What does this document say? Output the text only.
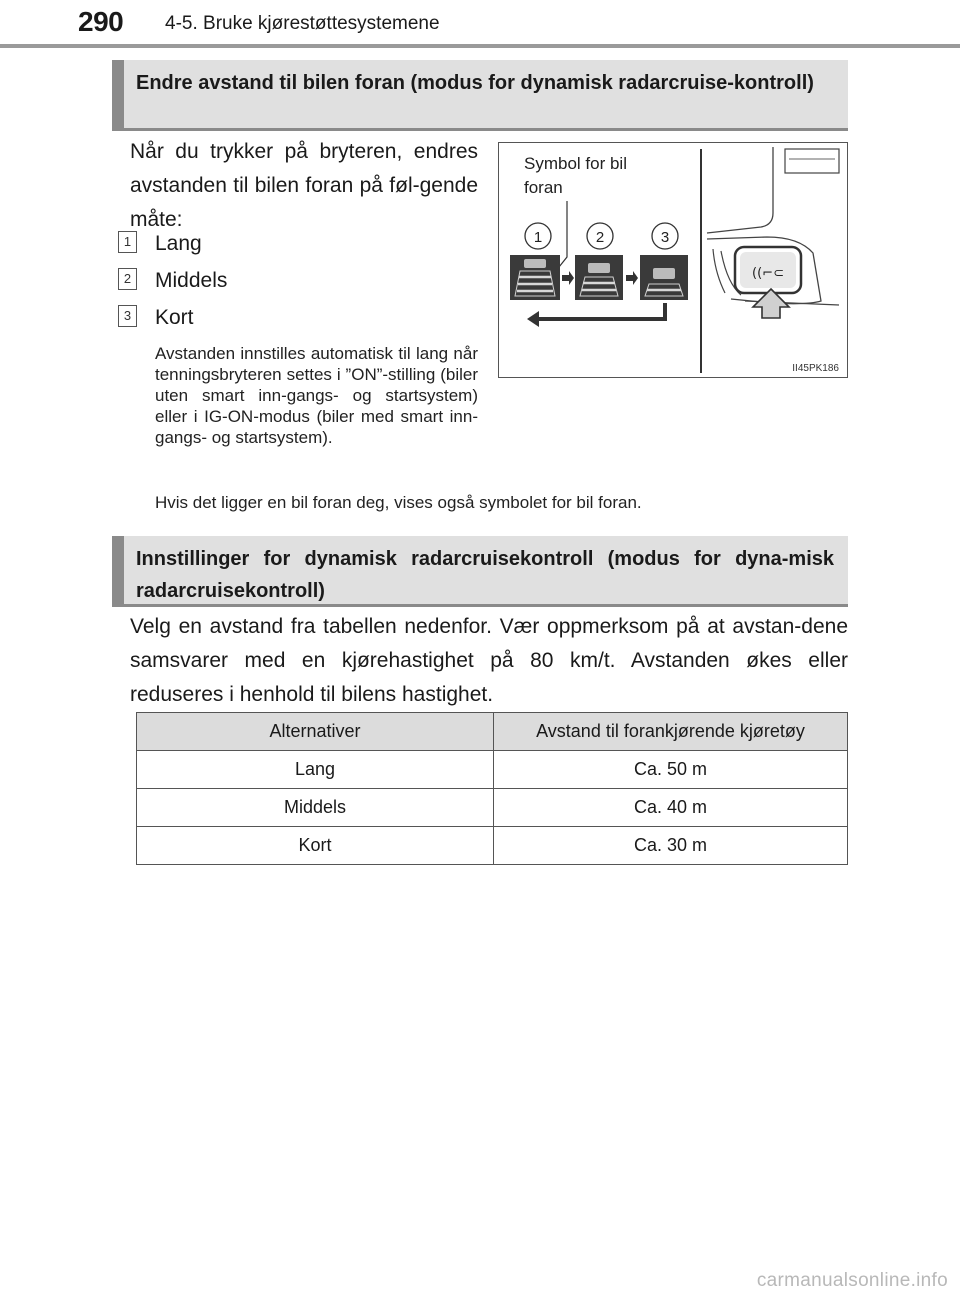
290 4-5. Bruke kjørestøttesystemene
Endre avstand til bilen foran (modus for dynamisk radarcruise-kontroll)
Når du trykker på bryteren, endres avstanden til bilen foran på føl-gende måte:
1 Lang
2 Middels
3 Kort
Avstanden innstilles automatisk til lang når tenningsbryteren settes i ”ON”-stilling (biler uten smart inn-gangs- og startsystem) eller i IG-ON-modus (biler med smart inn-gangs- og startsystem).
Symbol for bil
foran
1	2	3
((⌐⊂
II45PK186
Hvis det ligger en bil foran deg, vises også symbolet for bil foran.
Innstillinger for dynamisk radarcruisekontroll (modus for dyna-misk radarcruisekontroll)
Velg en avstand fra tabellen nedenfor. Vær oppmerksom på at avstan-dene samsvarer med en kjørehastighet på 80 km/t. Avstanden økes eller reduseres i henhold til bilens hastighet.
Alternativer	Avstand til forankjørende kjøretøy
Lang	Ca. 50 m
Middels	Ca. 40 m
Kort	Ca. 30 m
carmanualsonline.info
